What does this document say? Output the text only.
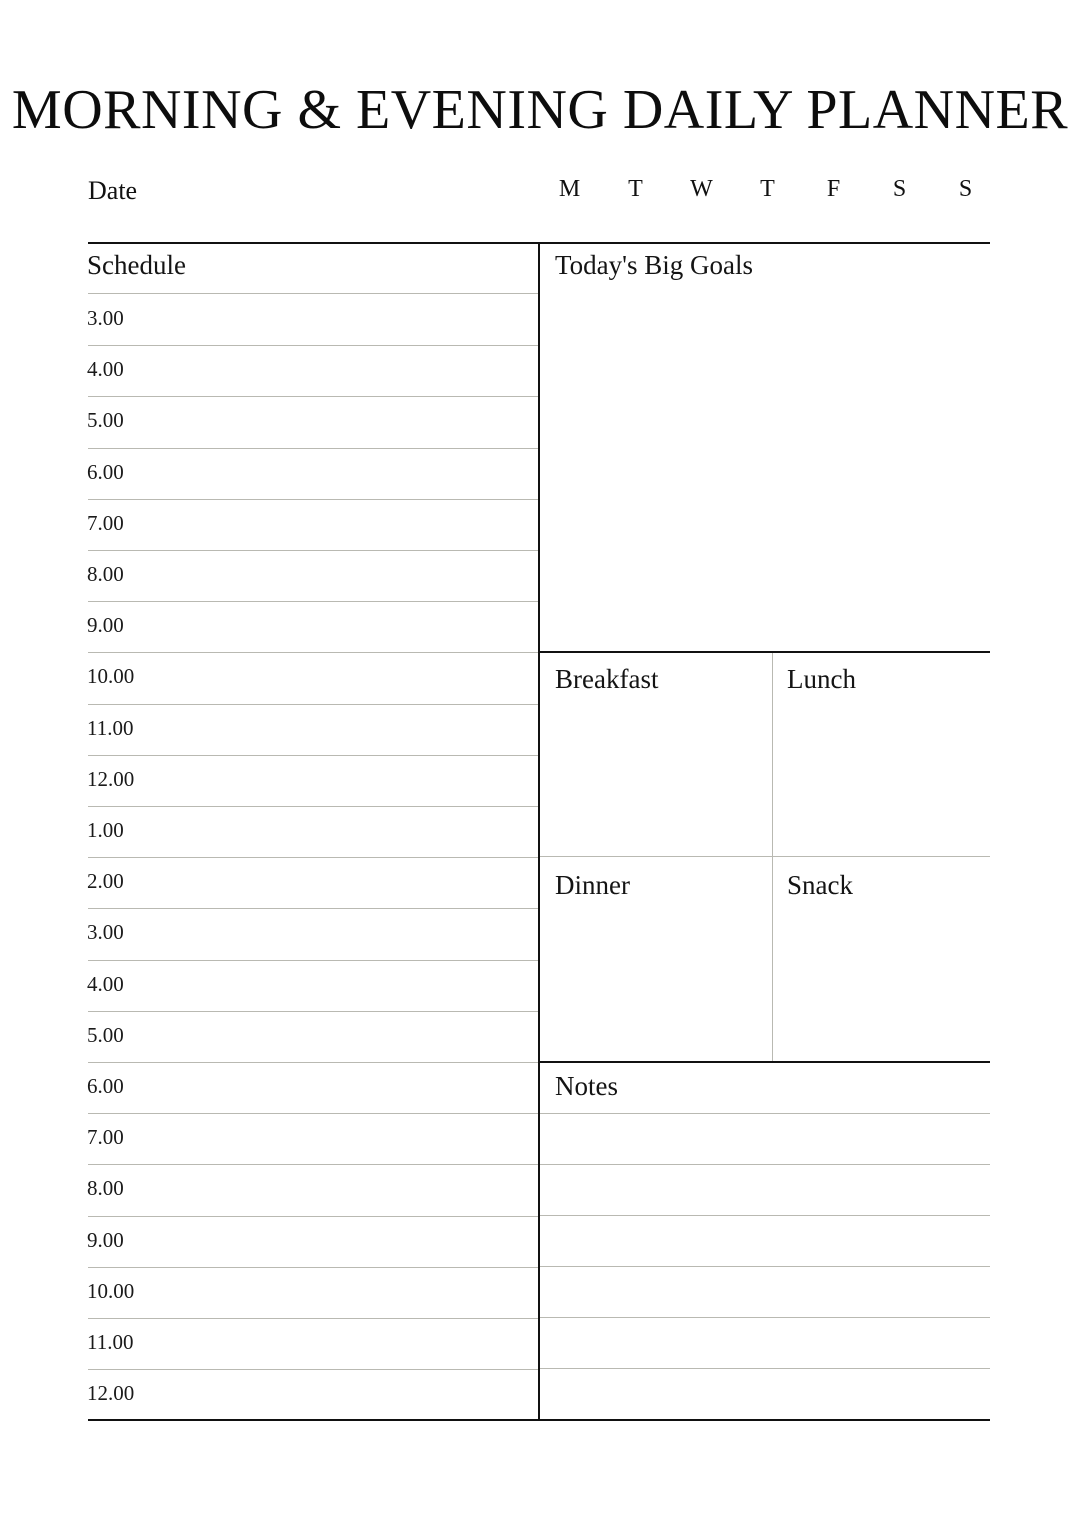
MORNING & EVENING DAILY PLANNER
Date	M	T	W	T	F	S	S
Schedule
3.00
4.00
5.00
6.00
7.00
8.00
9.00
10.00
11.00
12.00
1.00
2.00
3.00
4.00
5.00
6.00
7.00
8.00
9.00
10.00
11.00
12.00
Today's Big Goals
Breakfast	Lunch
Dinner	Snack
Notes
